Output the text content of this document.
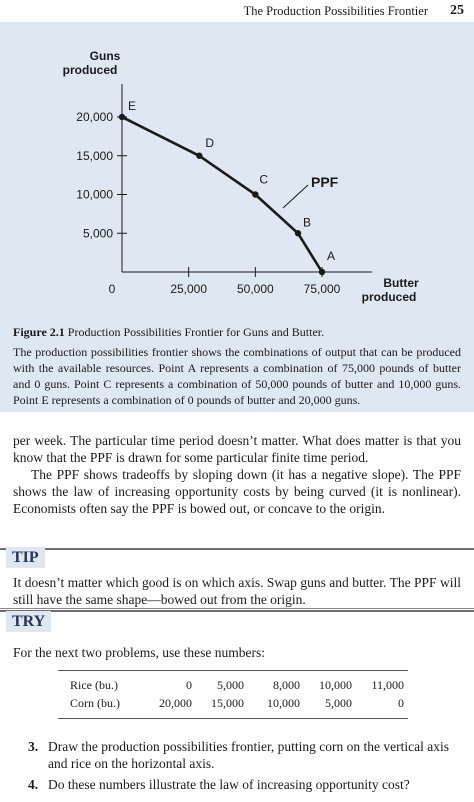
The Production Possibilities Frontier 25
Guns
produced
Butter
produced
PPF
5,000
10,000
15,000
20,000
0	25,000 50,000 75,000
E
D
C
B
A
Figure 2.1 Production Possibilities Frontier for Guns and Butter.
The production possibilities frontier shows the combinations of output that can be produced with the available resources. Point A represents a combination of 75,000 pounds of butter and 0 guns. Point C represents a combination of 50,000 pounds of butter and 10,000 guns. Point E represents a combination of 0 pounds of butter and 20,000 guns.
per week. The particular time period doesn’t matter. What does matter is that you know that the PPF is drawn for some particular finite time period.
The PPF shows tradeoffs by sloping down (it has a negative slope). The PPF shows the law of increasing opportunity costs by being curved (it is nonlinear). Economists often say the PPF is bowed out, or concave to the origin.
TIP
It doesn’t matter which good is on which axis. Swap guns and butter. The PPF will still have the same shape—bowed out from the origin.
TRY
For the next two problems, use these numbers:
Rice (bu.)	0 5,000 8,000 10,000 11,000
Corn (bu.)	20,000 15,000 10,000 5,000	0
3. Draw the production possibilities frontier, putting corn on the vertical axis and rice on the horizontal axis.
4. Do these numbers illustrate the law of increasing opportunity cost?
